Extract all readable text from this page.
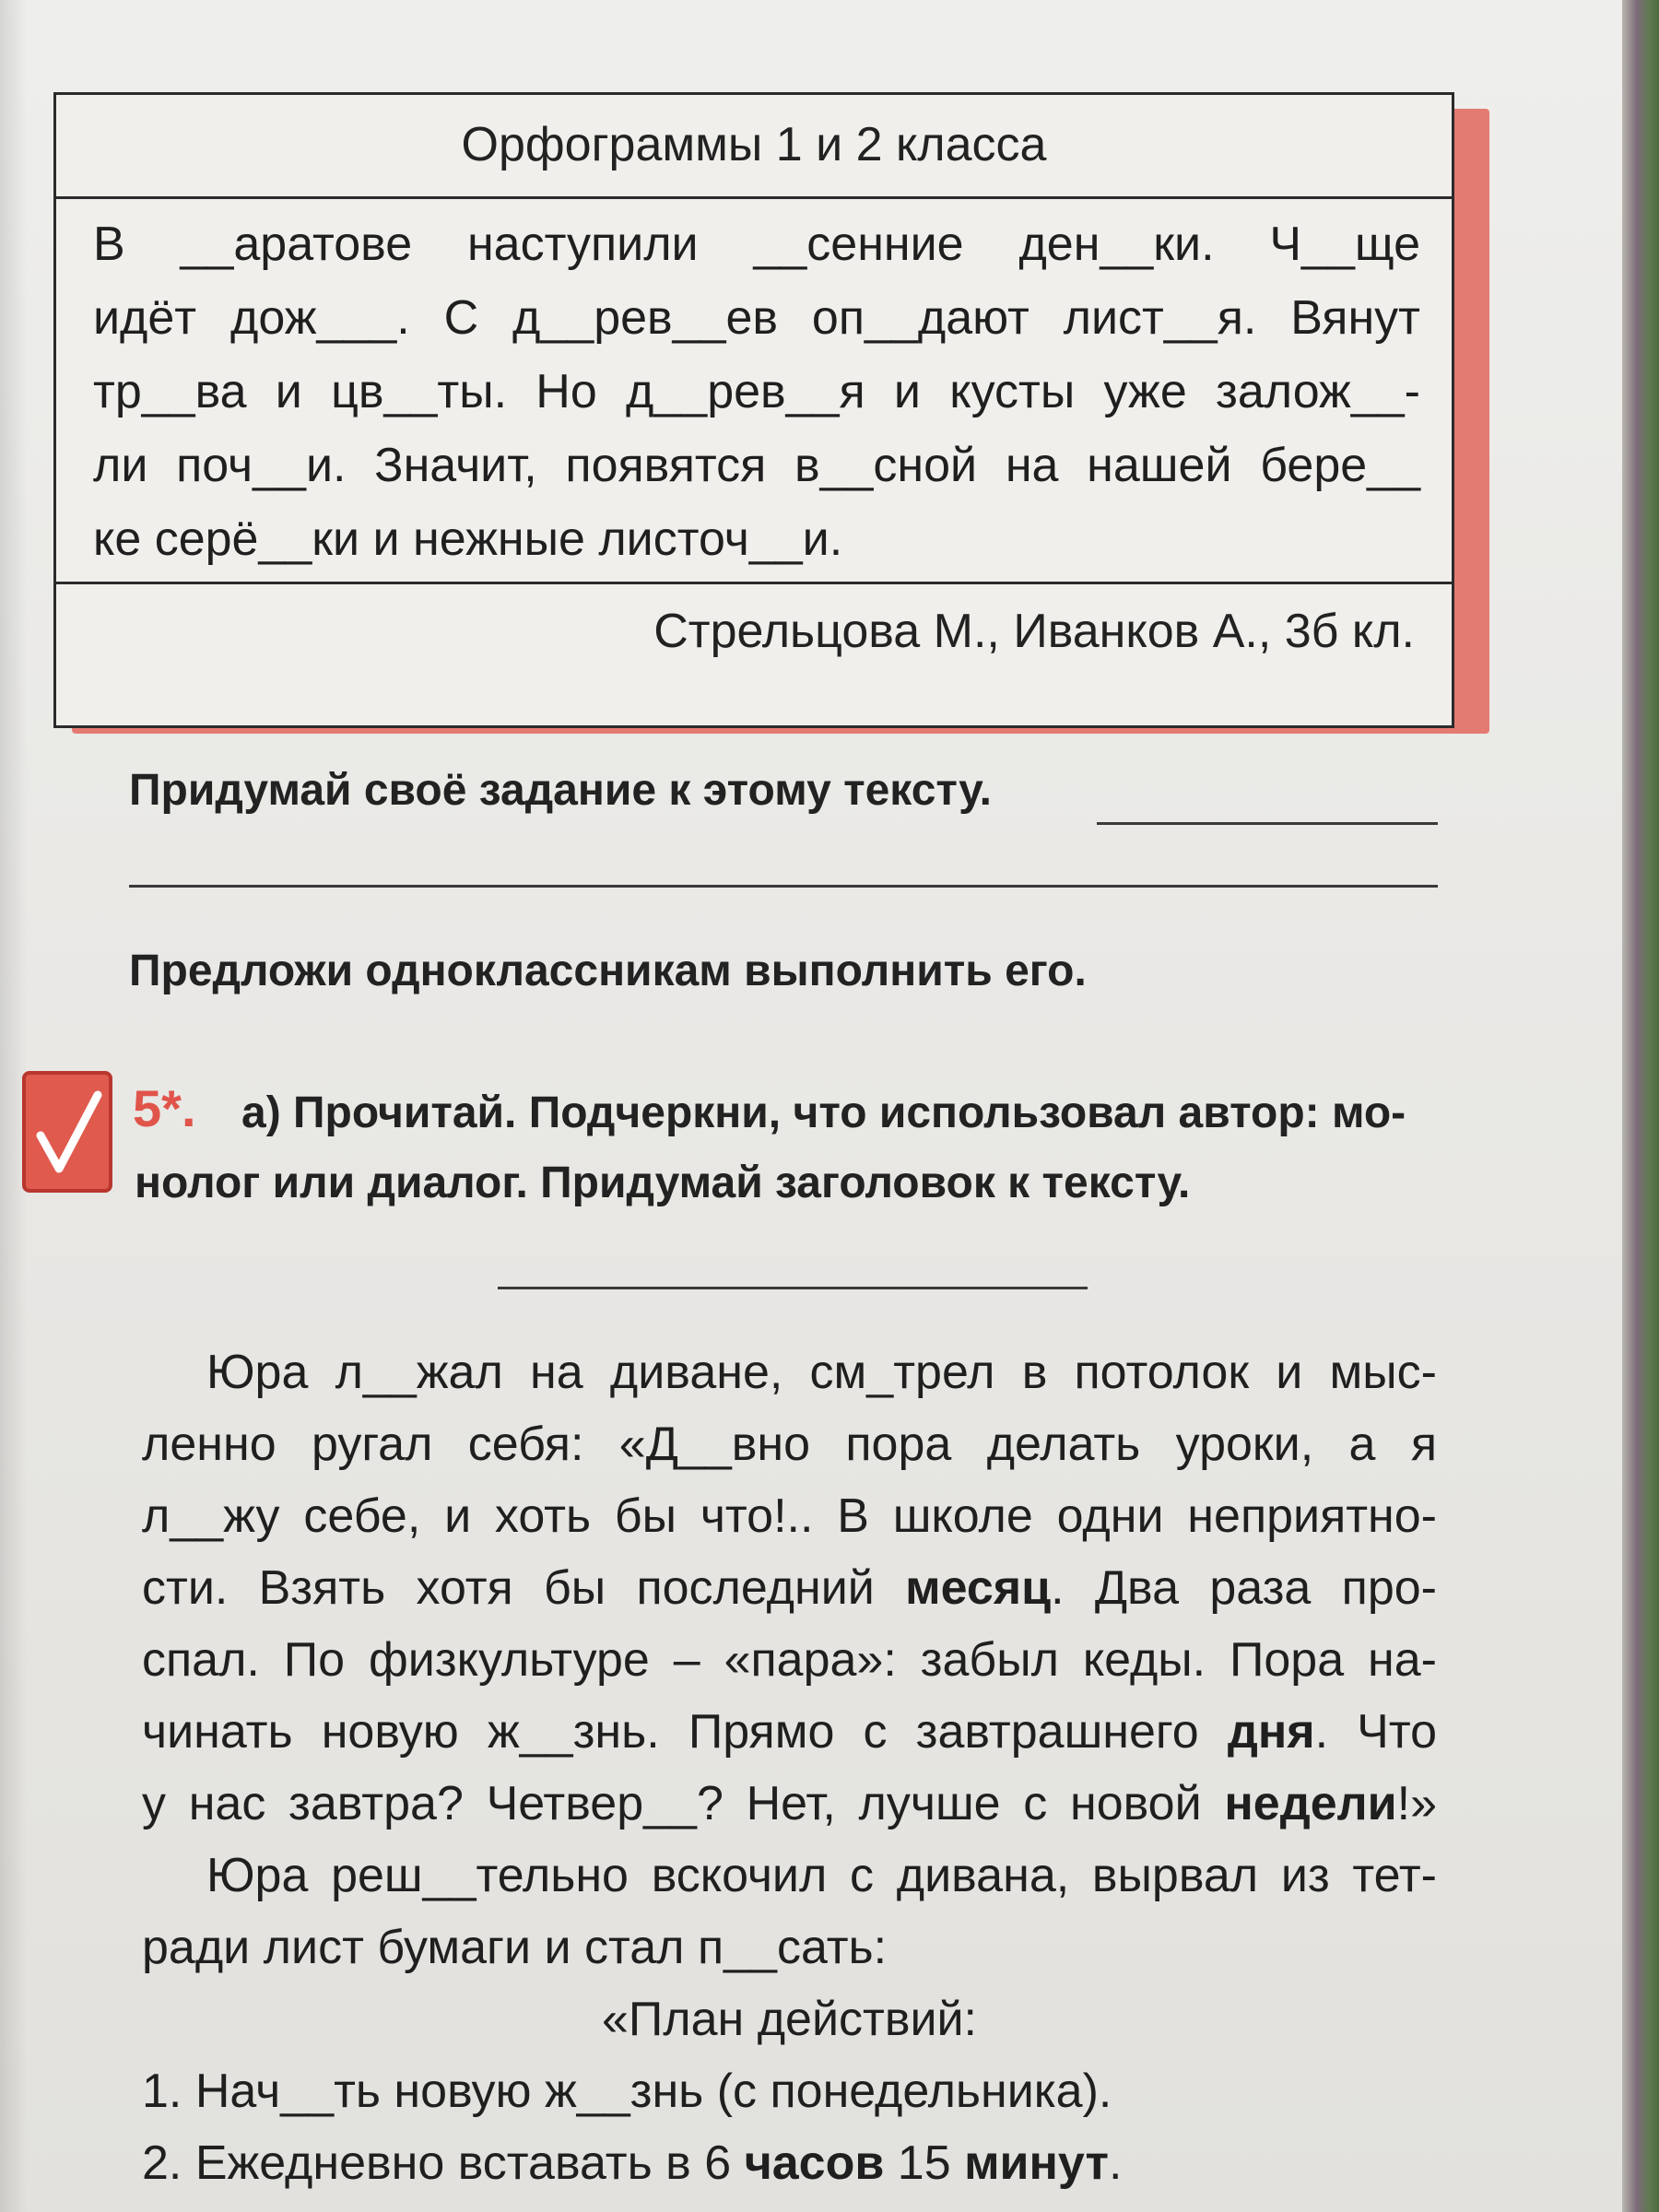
Орфограммы 1 и 2 класса
В __аратове наступили __сенние ден__ки. Ч__ще
идёт дож___. С д__рев__ев оп__дают лист__я. Вянут
тр__ва и цв__ты. Но д__рев__я и кусты уже залож__-
ли поч__и. Значит, появятся в__сной на нашей бере__
ке серё__ки и нежные листоч__и.
Стрельцова М., Иванков А., 3б кл.
Придумай своё задание к этому тексту.
Предложи одноклассникам выполнить его.
5*. а) Прочитай. Подчеркни, что использовал автор: мо-
нолог или диалог. Придумай заголовок к тексту.
Юра л__жал на диване, см_трел в потолок и мыс-
ленно ругал себя: «Д__вно пора делать уроки, а я
л__жу себе, и хоть бы что!.. В школе одни неприятно-
сти. Взять хотя бы последний месяц. Два раза про-
спал. По физкультуре – «пара»: забыл кеды. Пора на-
чинать новую ж__знь. Прямо с завтрашнего дня. Что
у нас завтра? Четвер__? Нет, лучше с новой недели!»
Юра реш__тельно вскочил с дивана, вырвал из тет-
ради лист бумаги и стал п__сать:
«План действий:
1. Нач__ть новую ж__знь (с понедельника).
2. Ежедневно вставать в 6 часов 15 минут.
